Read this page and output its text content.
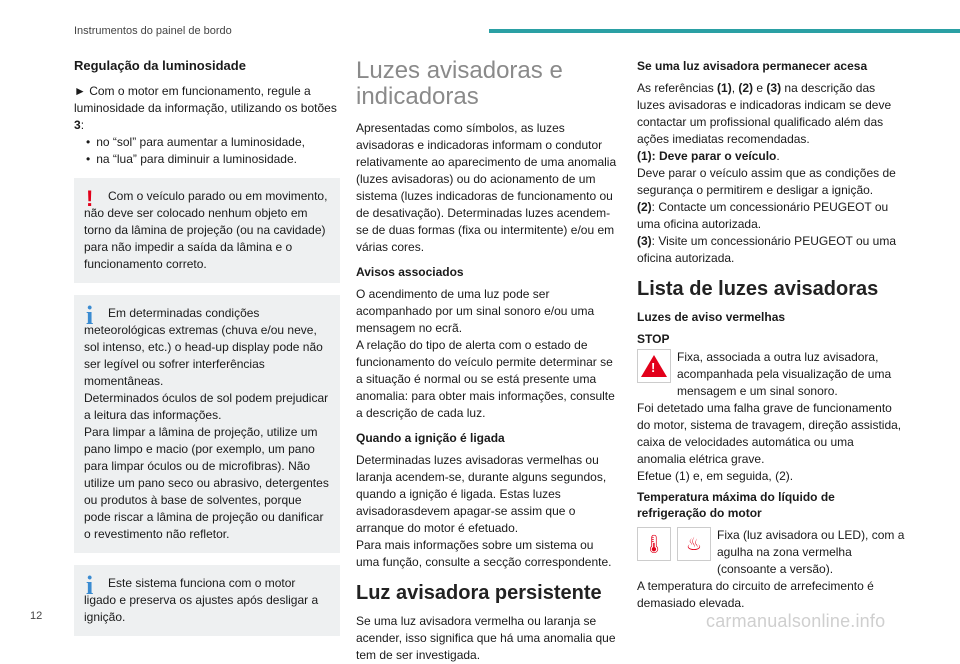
Instrumentos do painel de bordo
Regulação da luminosidade

► Com o motor em funcionamento, regule a luminosidade da informação, utilizando os botões 3:

• no “sol” para aumentar a luminosidade,
• na “lua” para diminuir a luminosidade.
!	Com o veículo parado ou em movimento, não deve ser colocado nenhum objeto em torno da lâmina de projeção (ou na cavidade) para não impedir a saída da lâmina e o funcionamento correto.

i	Em determinadas condições meteorológicas extremas (chuva e/ou neve, sol intenso, etc.) o head-up display pode não ser legível ou sofrer interferências momentâneas.

Determinados óculos de sol podem prejudicar a leitura das informações.

Para limpar a lâmina de projeção, utilize um pano limpo e macio (por exemplo, um pano para limpar óculos ou de microfibras). Não utilize um pano seco ou abrasivo, detergentes ou produtos à base de solventes, porque pode riscar a lâmina de projeção ou danificar o revestimento não refletor.

i	Este sistema funciona com o motor ligado e preserva os ajustes após desligar a ignição.

Luzes avisadoras e indicadoras

Apresentadas como símbolos, as luzes avisadoras e indicadoras informam o condutor relativamente ao aparecimento de uma anomalia (luzes avisadoras) ou do acionamento de um sistema (luzes indicadoras de funcionamento ou de desativação). Determinadas luzes acendem-se de duas formas (fixa ou intermitente) e/ou em várias cores.

Avisos associados

O acendimento de uma luz pode ser acompanhado por um sinal sonoro e/ou uma mensagem no ecrã.

A relação do tipo de alerta com o estado de funcionamento do veículo permite determinar se a situação é normal ou se está presente uma anomalia: para obter mais informações, consulte a descrição de cada luz.

Quando a ignição é ligada

Determinadas luzes avisadoras vermelhas ou laranja acendem-se, durante alguns segundos, quando a ignição é ligada. Estas luzes avisadorasdevem apagar-se assim que o arranque do motor é efetuado.

Para mais informações sobre um sistema ou uma função, consulte a secção correspondente.

Luz avisadora persistente

Se uma luz avisadora vermelha ou laranja se acender, isso significa que há uma anomalia que tem de ser investigada.

Se uma luz avisadora permanecer acesa

As referências (1), (2) e (3) na descrição das luzes avisadoras e indicadoras indicam se deve contactar um profissional qualificado além das ações imediatas recomendadas.

(1): Deve parar o veículo.

Deve parar o veículo assim que as condições de segurança o permitirem e desligar a ignição.

(2): Contacte um concessionário PEUGEOT ou uma oficina autorizada.

(3): Visite um concessionário PEUGEOT ou uma oficina autorizada.

Lista de luzes avisadoras
Luzes de aviso vermelhas
STOP
!

Fixa, associada a outra luz avisadora, acompanhada pela visualização de uma mensagem e um sinal sonoro.

Foi detetado uma falha grave de funcionamento do motor, sistema de travagem, direção assistida, caixa de velocidades automática ou uma anomalia elétrica grave.

Efetue (1) e, em seguida, (2).

Temperatura máxima do líquido de refrigeração do motor
🌡 ♨ Fixa (luz avisadora ou LED), com a agulha na zona vermelha (consoante a versão).

A temperatura do circuito de arrefecimento é demasiado elevada.

12	carmanualsonline.info
